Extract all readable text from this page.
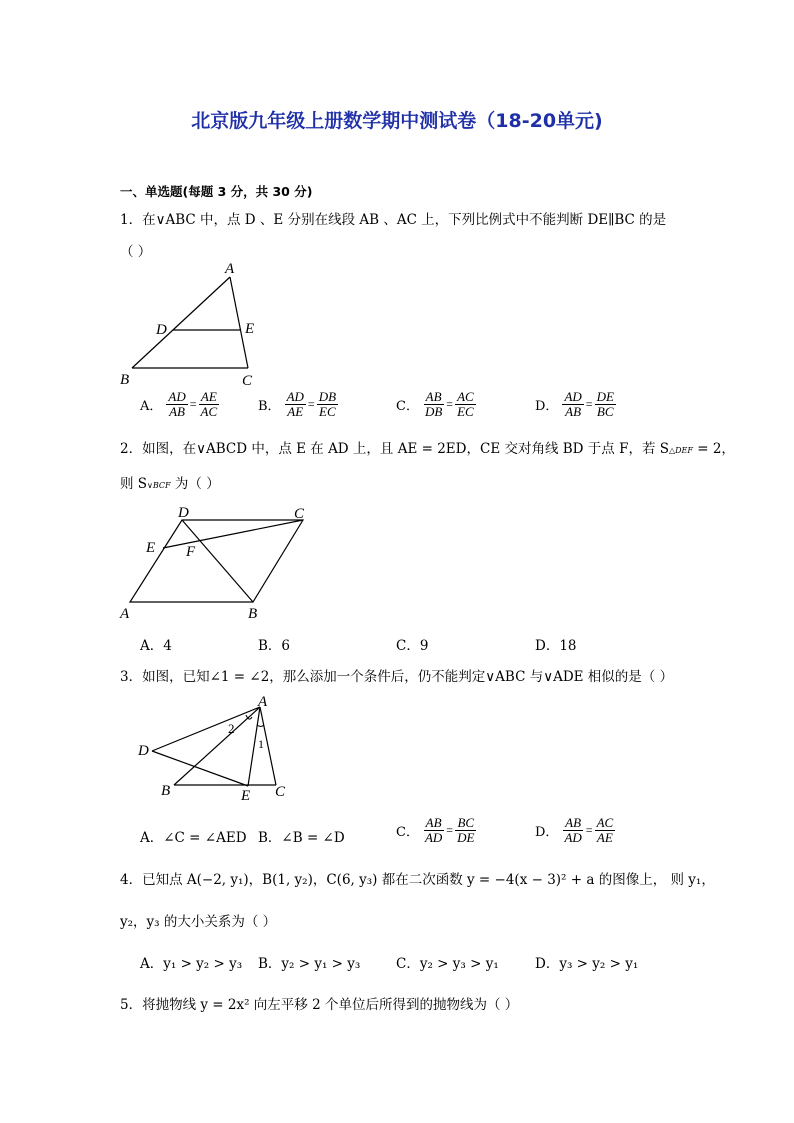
北京版九年级上册数学期中测试卷（18-20单元)
一、单选题(每题 3 分，共 30 分)
1．在∨ABC 中，点 D 、E 分别在线段 AB 、AC 上，下列比例式中不能判断 DE∥BC 的是
（ ）
A
D	E
B	C
A． $\frac{AD}{AB} = \frac{AE}{AC}$	B． $\frac{AD}{AE} = \frac{DB}{EC}$	C． $\frac{AB}{DB} = \frac{AC}{EC}$	D． $\frac{AD}{AB} = \frac{DE}{BC}$
2．如图，在∨ABCD 中，点 E 在 AD 上，且 AE = 2ED，CE 交对角线 BD 于点 F，若 S△DEF = 2，
则 S∨BCF 为（ ）
D	C
E F
A	B
A．4	B．6	C．9	D．18
3．如图，已知∠1 = ∠2，那么添加一个条件后，仍不能判定∨ABC 与∨ADE 相似的是（ ）
A
2
1
D
B	E C
A．∠C = ∠AED B．∠B = ∠D	C． $\frac{AB}{AD} = \frac{BC}{DE}$	D． $\frac{AB}{AD} = \frac{AC}{AE}$
4．已知点 A(−2, y₁)，B(1, y₂)，C(6, y₃) 都在二次函数 y = −4(x − 3)² + a 的图像上， 则 y₁，
y₂，y₃ 的大小关系为（ ）
A．y₁ > y₂ > y₃ B．y₂ > y₁ > y₃	C．y₂ > y₃ > y₁	D．y₃ > y₂ > y₁
5．将抛物线 y = 2x² 向左平移 2 个单位后所得到的抛物线为（ ）
